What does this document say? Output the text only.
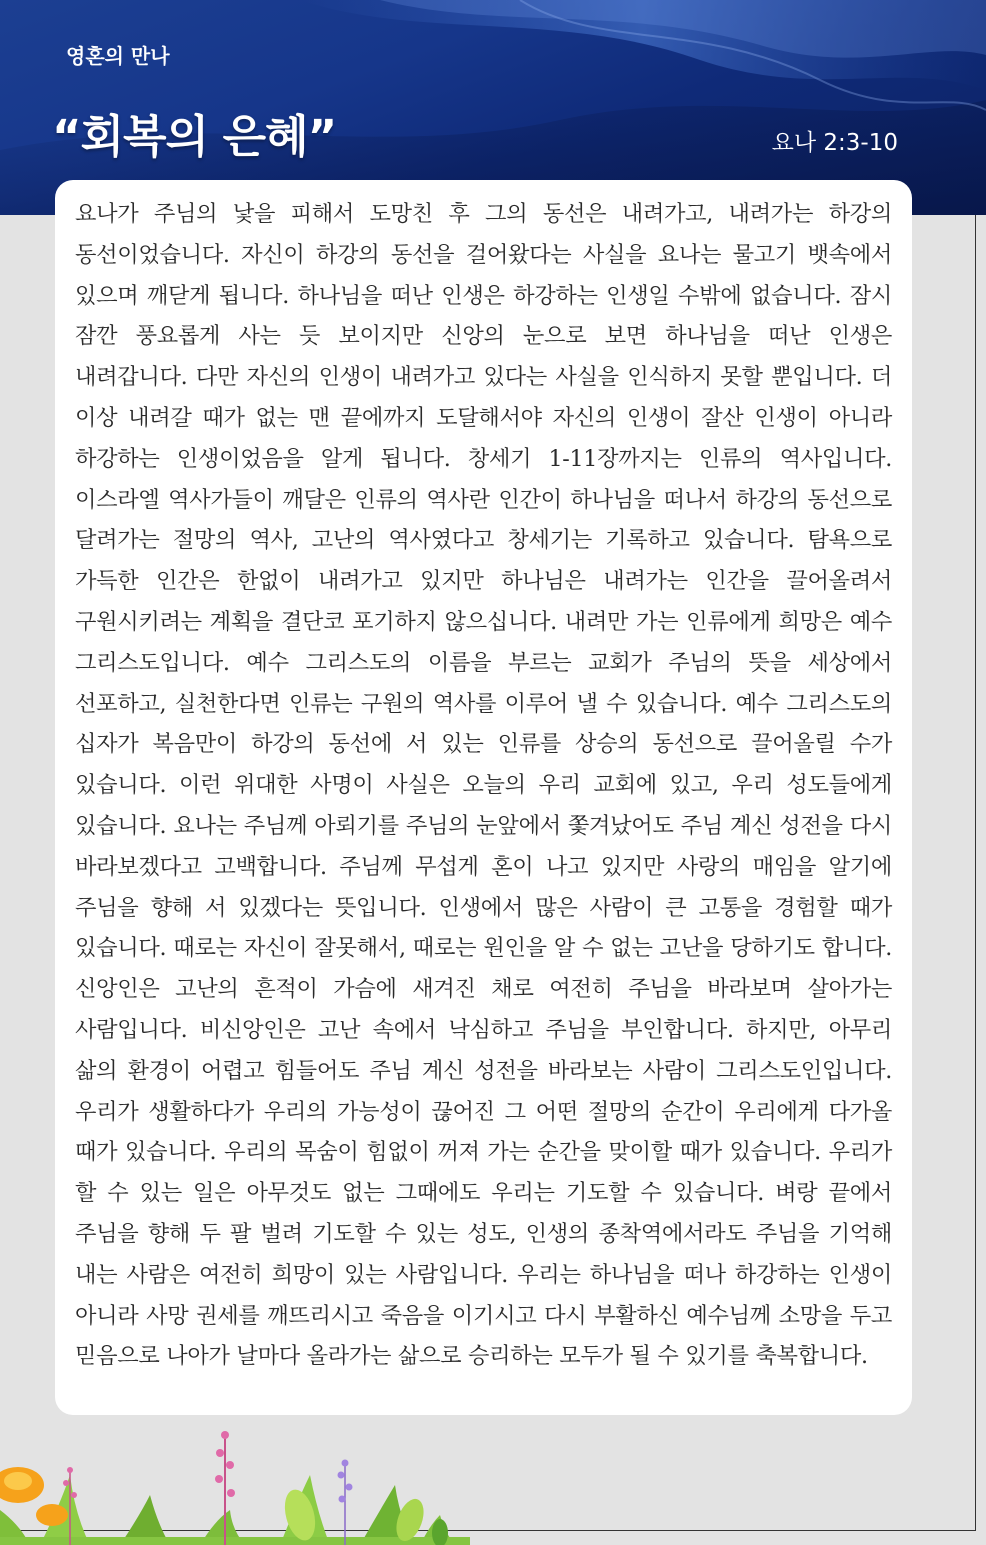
영혼의 만나
“회복의 은혜”	요나 2:3-10

요나가 주님의 낯을 피해서 도망친 후 그의 동선은 내려가고, 내려가는 하강의 동선이었습니다. 자신이 하강의 동선을 걸어왔다는 사실을 요나는 물고기 뱃속에서 있으며 깨닫게 됩니다. 하나님을 떠난 인생은 하강하는 인생일 수밖에 없습니다. 잠시 잠깐 풍요롭게 사는 듯 보이지만 신앙의 눈으로 보면 하나님을 떠난 인생은 내려갑니다. 다만 자신의 인생이 내려가고 있다는 사실을 인식하지 못할 뿐입니다. 더 이상 내려갈 때가 없는 맨 끝에까지 도달해서야 자신의 인생이 잘산 인생이 아니라 하강하는 인생이었음을 알게 됩니다. 창세기 1-11장까지는 인류의 역사입니다. 이스라엘 역사가들이 깨달은 인류의 역사란 인간이 하나님을 떠나서 하강의 동선으로 달려가는 절망의 역사, 고난의 역사였다고 창세기는 기록하고 있습니다. 탐욕으로 가득한 인간은 한없이 내려가고 있지만 하나님은 내려가는 인간을 끌어올려서 구원시키려는 계획을 결단코 포기하지 않으십니다. 내려만 가는 인류에게 희망은 예수 그리스도입니다. 예수 그리스도의 이름을 부르는 교회가 주님의 뜻을 세상에서 선포하고, 실천한다면 인류는 구원의 역사를 이루어 낼 수 있습니다. 예수 그리스도의 십자가 복음만이 하강의 동선에 서 있는 인류를 상승의 동선으로 끌어올릴 수가 있습니다. 이런 위대한 사명이 사실은 오늘의 우리 교회에 있고, 우리 성도들에게 있습니다. 요나는 주님께 아뢰기를 주님의 눈앞에서 쫓겨났어도 주님 계신 성전을 다시 바라보겠다고 고백합니다. 주님께 무섭게 혼이 나고 있지만 사랑의 매임을 알기에 주님을 향해 서 있겠다는 뜻입니다. 인생에서 많은 사람이 큰 고통을 경험할 때가 있습니다. 때로는 자신이 잘못해서, 때로는 원인을 알 수 없는 고난을 당하기도 합니다. 신앙인은 고난의 흔적이 가슴에 새겨진 채로 여전히 주님을 바라보며 살아가는 사람입니다. 비신앙인은 고난 속에서 낙심하고 주님을 부인합니다. 하지만, 아무리 삶의 환경이 어렵고 힘들어도 주님 계신 성전을 바라보는 사람이 그리스도인입니다. 우리가 생활하다가 우리의 가능성이 끊어진 그 어떤 절망의 순간이 우리에게 다가올 때가 있습니다. 우리의 목숨이 힘없이 꺼져 가는 순간을 맞이할 때가 있습니다. 우리가 할 수 있는 일은 아무것도 없는 그때에도 우리는 기도할 수 있습니다. 벼랑 끝에서 주님을 향해 두 팔 벌려 기도할 수 있는 성도, 인생의 종착역에서라도 주님을 기억해 내는 사람은 여전히 희망이 있는 사람입니다. 우리는 하나님을 떠나 하강하는 인생이 아니라 사망 권세를 깨뜨리시고 죽음을 이기시고 다시 부활하신 예수님께 소망을 두고 믿음으로 나아가 날마다 올라가는 삶으로 승리하는 모두가 될 수 있기를 축복합니다.
